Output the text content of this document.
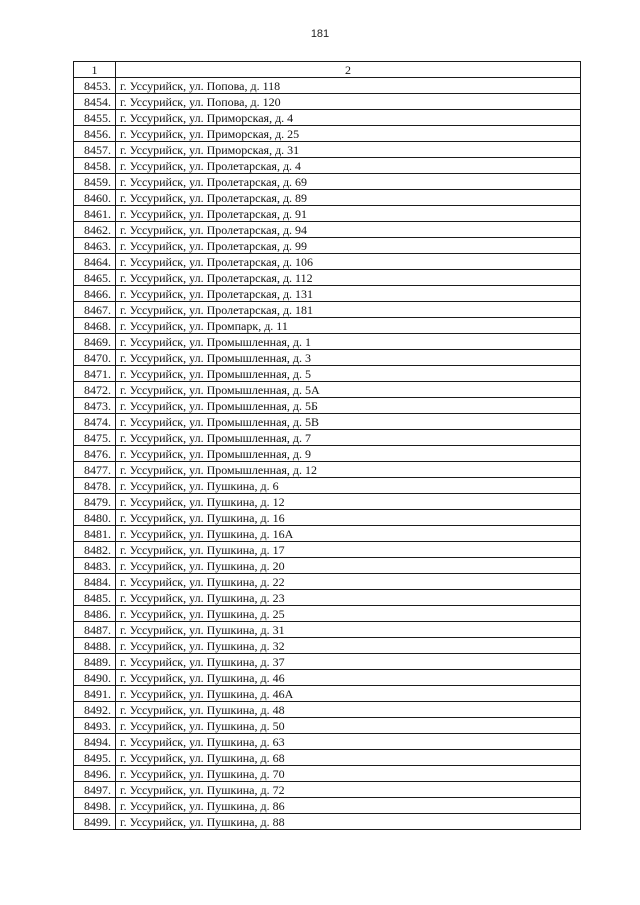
181
1	2
8453.	г. Уссурийск, ул. Попова, д. 118
8454.	г. Уссурийск, ул. Попова, д. 120
8455.	г. Уссурийск, ул. Приморская, д. 4
8456.	г. Уссурийск, ул. Приморская, д. 25
8457.	г. Уссурийск, ул. Приморская, д. 31
8458.	г. Уссурийск, ул. Пролетарская, д. 4
8459.	г. Уссурийск, ул. Пролетарская, д. 69
8460.	г. Уссурийск, ул. Пролетарская, д. 89
8461.	г. Уссурийск, ул. Пролетарская, д. 91
8462.	г. Уссурийск, ул. Пролетарская, д. 94
8463.	г. Уссурийск, ул. Пролетарская, д. 99
8464.	г. Уссурийск, ул. Пролетарская, д. 106
8465.	г. Уссурийск, ул. Пролетарская, д. 112
8466.	г. Уссурийск, ул. Пролетарская, д. 131
8467.	г. Уссурийск, ул. Пролетарская, д. 181
8468.	г. Уссурийск, ул. Промпарк, д. 11
8469.	г. Уссурийск, ул. Промышленная, д. 1
8470.	г. Уссурийск, ул. Промышленная, д. 3
8471.	г. Уссурийск, ул. Промышленная, д. 5
8472.	г. Уссурийск, ул. Промышленная, д. 5А
8473.	г. Уссурийск, ул. Промышленная, д. 5Б
8474.	г. Уссурийск, ул. Промышленная, д. 5В
8475.	г. Уссурийск, ул. Промышленная, д. 7
8476.	г. Уссурийск, ул. Промышленная, д. 9
8477.	г. Уссурийск, ул. Промышленная, д. 12
8478.	г. Уссурийск, ул. Пушкина, д. 6
8479.	г. Уссурийск, ул. Пушкина, д. 12
8480.	г. Уссурийск, ул. Пушкина, д. 16
8481.	г. Уссурийск, ул. Пушкина, д. 16А
8482.	г. Уссурийск, ул. Пушкина, д. 17
8483.	г. Уссурийск, ул. Пушкина, д. 20
8484.	г. Уссурийск, ул. Пушкина, д. 22
8485.	г. Уссурийск, ул. Пушкина, д. 23
8486.	г. Уссурийск, ул. Пушкина, д. 25
8487.	г. Уссурийск, ул. Пушкина, д. 31
8488.	г. Уссурийск, ул. Пушкина, д. 32
8489.	г. Уссурийск, ул. Пушкина, д. 37
8490.	г. Уссурийск, ул. Пушкина, д. 46
8491.	г. Уссурийск, ул. Пушкина, д. 46А
8492.	г. Уссурийск, ул. Пушкина, д. 48
8493.	г. Уссурийск, ул. Пушкина, д. 50
8494.	г. Уссурийск, ул. Пушкина, д. 63
8495.	г. Уссурийск, ул. Пушкина, д. 68
8496.	г. Уссурийск, ул. Пушкина, д. 70
8497.	г. Уссурийск, ул. Пушкина, д. 72
8498.	г. Уссурийск, ул. Пушкина, д. 86
8499.	г. Уссурийск, ул. Пушкина, д. 88
